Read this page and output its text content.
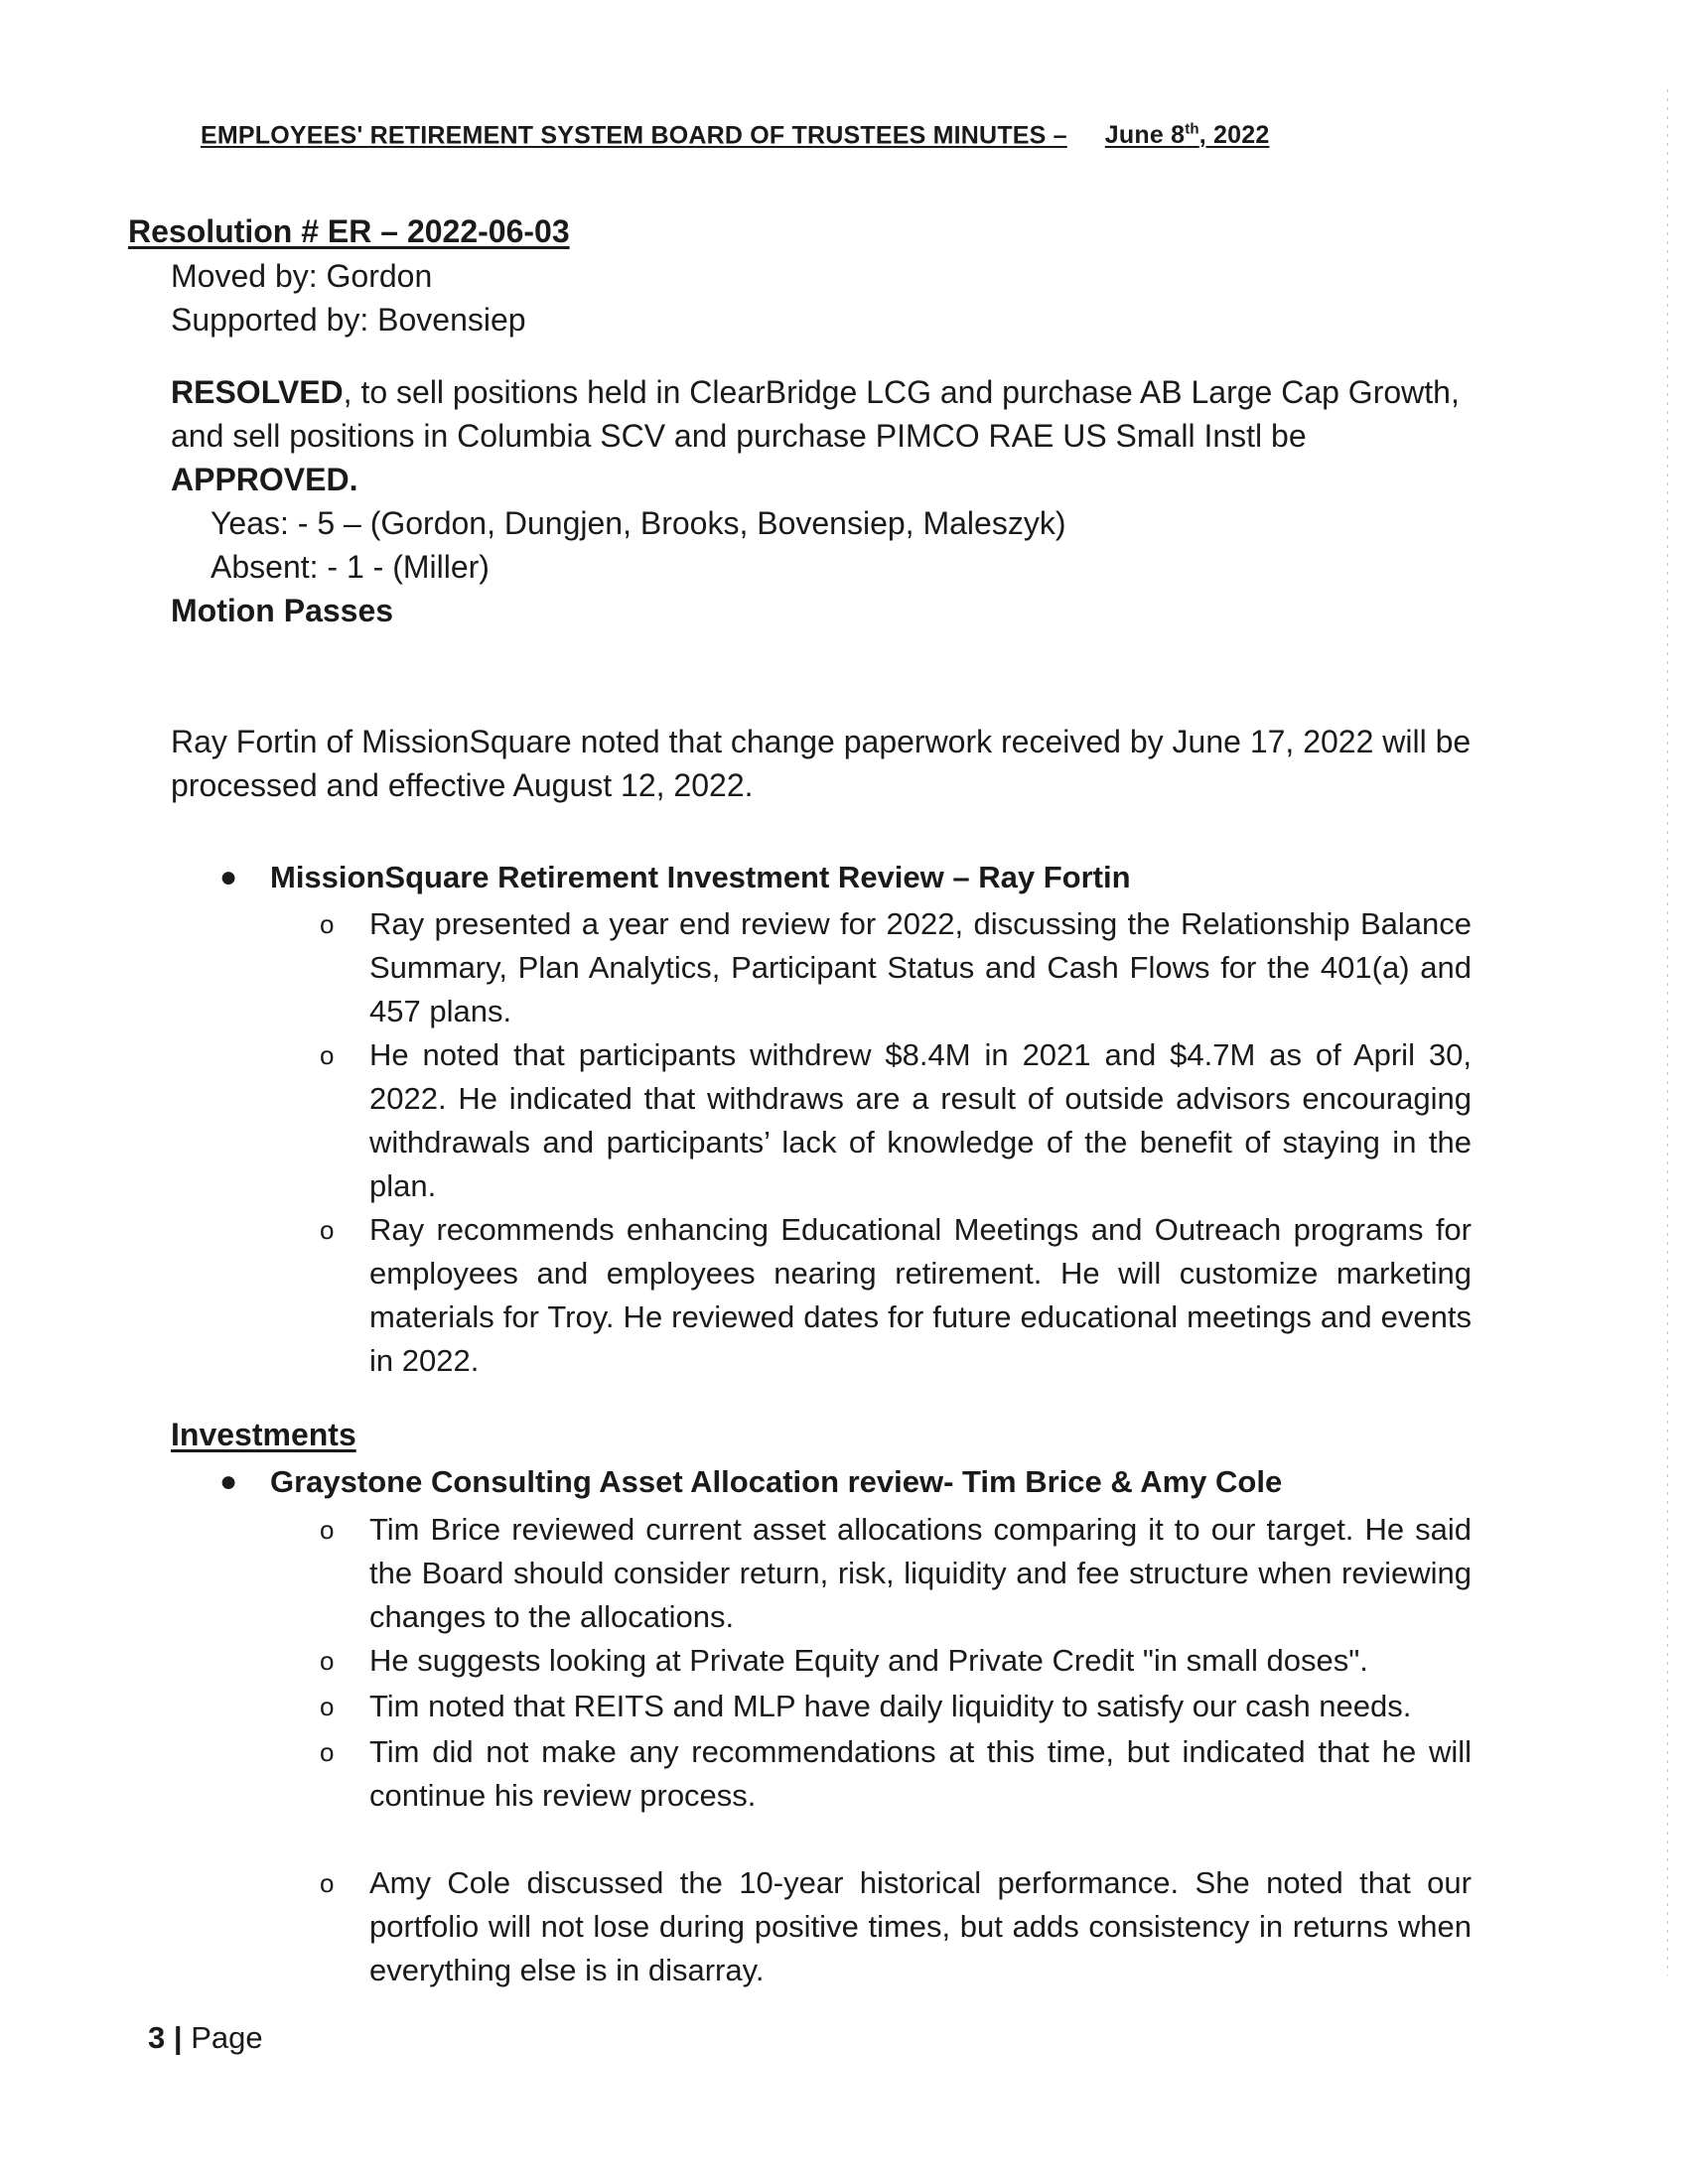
EMPLOYEES' RETIREMENT SYSTEM BOARD OF TRUSTEES MINUTES – June 8th, 2022
Resolution # ER – 2022-06-03
Moved by: Gordon
Supported by: Bovensiep
RESOLVED, to sell positions held in ClearBridge LCG and purchase AB Large Cap Growth, and sell positions in Columbia SCV and purchase PIMCO RAE US Small Instl be
APPROVED.
Yeas: - 5 – (Gordon, Dungjen, Brooks, Bovensiep, Maleszyk)
Absent: - 1 - (Miller)
Motion Passes
Ray Fortin of MissionSquare noted that change paperwork received by June 17, 2022 will be processed and effective August 12, 2022.
● MissionSquare Retirement Investment Review – Ray Fortin
o Ray presented a year end review for 2022, discussing the Relationship Balance Summary, Plan Analytics, Participant Status and Cash Flows for the 401(a) and 457 plans.
o He noted that participants withdrew $8.4M in 2021 and $4.7M as of April 30, 2022. He indicated that withdraws are a result of outside advisors encouraging withdrawals and participants’ lack of knowledge of the benefit of staying in the plan.
o Ray recommends enhancing Educational Meetings and Outreach programs for employees and employees nearing retirement. He will customize marketing materials for Troy. He reviewed dates for future educational meetings and events in 2022.
Investments
● Graystone Consulting Asset Allocation review- Tim Brice & Amy Cole
o Tim Brice reviewed current asset allocations comparing it to our target. He said the Board should consider return, risk, liquidity and fee structure when reviewing changes to the allocations.
o He suggests looking at Private Equity and Private Credit "in small doses".
o Tim noted that REITS and MLP have daily liquidity to satisfy our cash needs.
o Tim did not make any recommendations at this time, but indicated that he will continue his review process.
o Amy Cole discussed the 10-year historical performance. She noted that our portfolio will not lose during positive times, but adds consistency in returns when everything else is in disarray.
3 | Page
